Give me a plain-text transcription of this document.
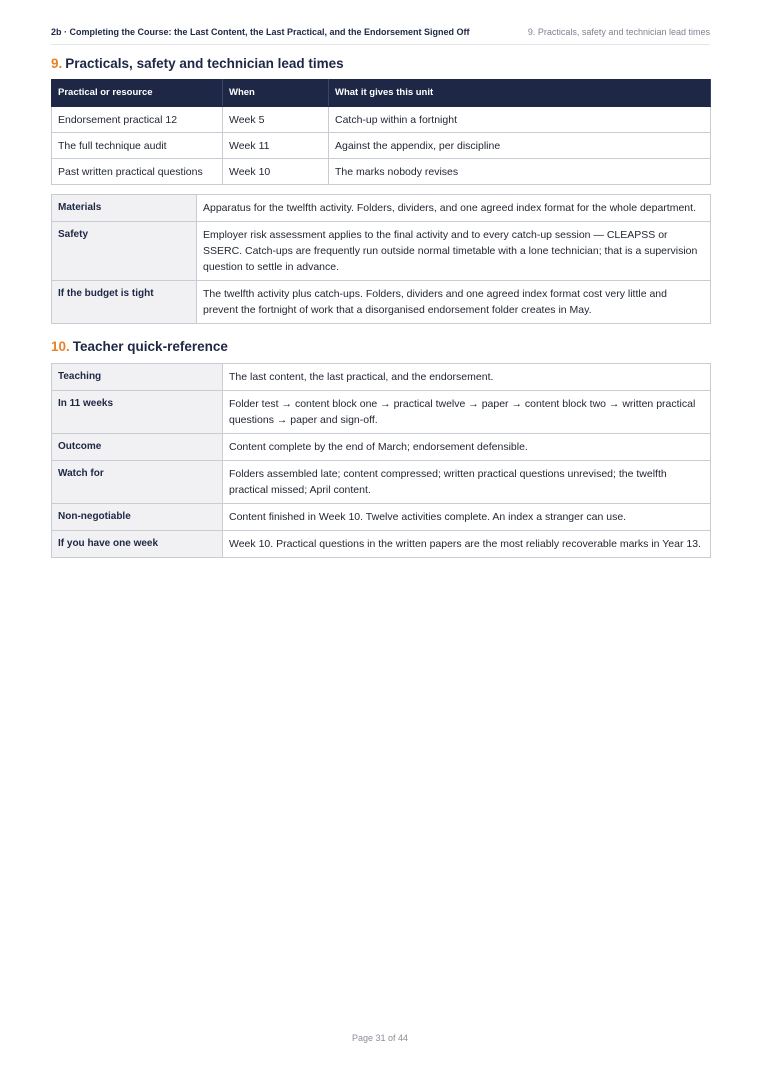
2b · Completing the Course: the Last Content, the Last Practical, and the Endorsement Signed Off	9. Practicals, safety and technician lead times
9. Practicals, safety and technician lead times
Practical or resource	When	What it gives this unit
Endorsement practical 12	Week 5	Catch-up within a fortnight
The full technique audit	Week 11	Against the appendix, per discipline
Past written practical questions	Week 10	The marks nobody revises
Materials	Apparatus for the twelfth activity. Folders, dividers, and one agreed index format for the whole department.
Safety	Employer risk assessment applies to the final activity and to every catch-up session — CLEAPSS or SSERC. Catch-ups are frequently run outside normal timetable with a lone technician; that is a supervision question to settle in advance.
If the budget is tight	The twelfth activity plus catch-ups. Folders, dividers and one agreed index format cost very little and prevent the fortnight of work that a disorganised endorsement folder creates in May.
10. Teacher quick-reference
Teaching	The last content, the last practical, and the endorsement.
In 11 weeks	Folder test → content block one → practical twelve → paper → content block two → written practical questions → paper and sign-off.
Outcome	Content complete by the end of March; endorsement defensible.
Watch for	Folders assembled late; content compressed; written practical questions unrevised; the twelfth practical missed; April content.
Non-negotiable	Content finished in Week 10. Twelve activities complete. An index a stranger can use.
If you have one week	Week 10. Practical questions in the written papers are the most reliably recoverable marks in Year 13.
Page 31 of 44
